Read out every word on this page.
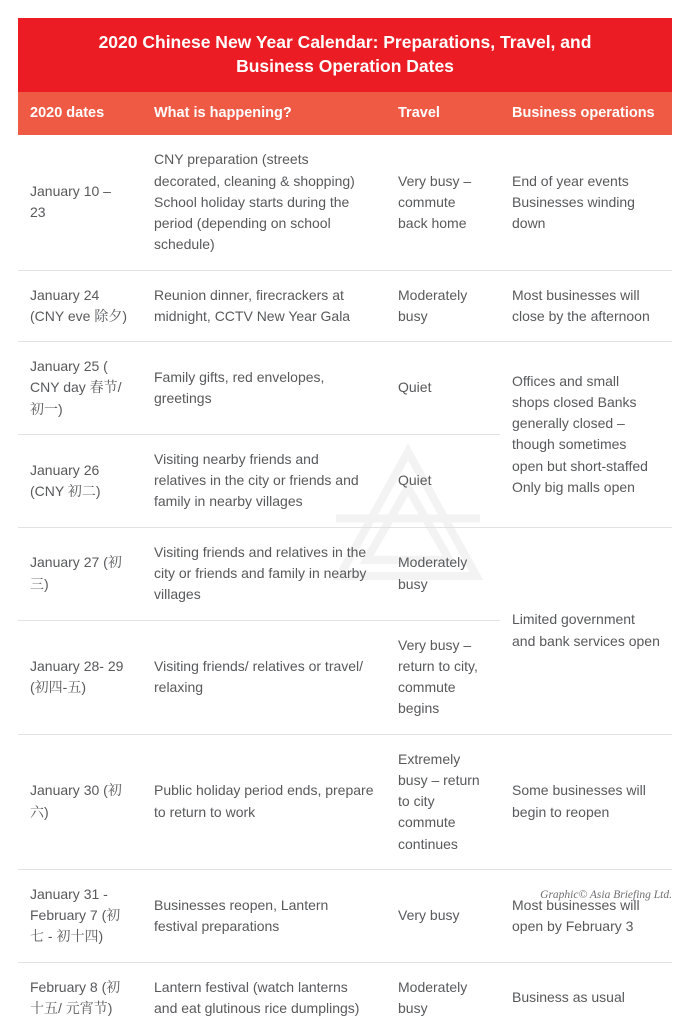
2020 Chinese New Year Calendar: Preparations, Travel, and Business Operation Dates
2020 dates	What is happening?	Travel	Business operations
January 10 – 23	CNY preparation (streets decorated, cleaning & shopping) School holiday starts during the period (depending on school schedule)	Very busy – commute back home	End of year events Businesses winding down
January 24 (CNY eve 除夕)	Reunion dinner, firecrackers at midnight, CCTV New Year Gala	Moderately busy	Most businesses will close by the afternoon
January 25 ( CNY day 春节/初一)	Family gifts, red envelopes, greetings	Quiet	Offices and small shops closed Banks generally closed – though sometimes open but short-staffed Only big malls open
January 26 (CNY 初二)	Visiting nearby friends and relatives in the city or friends and family in nearby villages	Quiet	
January 27 (初三)	Visiting friends and relatives in the city or friends and family in nearby villages	Moderately busy	Limited government and bank services open
January 28- 29 (初四-五)	Visiting friends/ relatives or travel/ relaxing	Very busy – return to city, commute begins	
January 30 (初六)	Public holiday period ends, prepare to return to work	Extremely busy – return to city commute continues	Some businesses will begin to reopen
January 31 - February 7 (初七 - 初十四)	Businesses reopen, Lantern festival preparations	Very busy	Most businesses will open by February 3
February 8 (初十五/ 元宵节)	Lantern festival (watch lanterns and eat glutinous rice dumplings)	Moderately busy	Business as usual
Graphic© Asia Briefing Ltd.
